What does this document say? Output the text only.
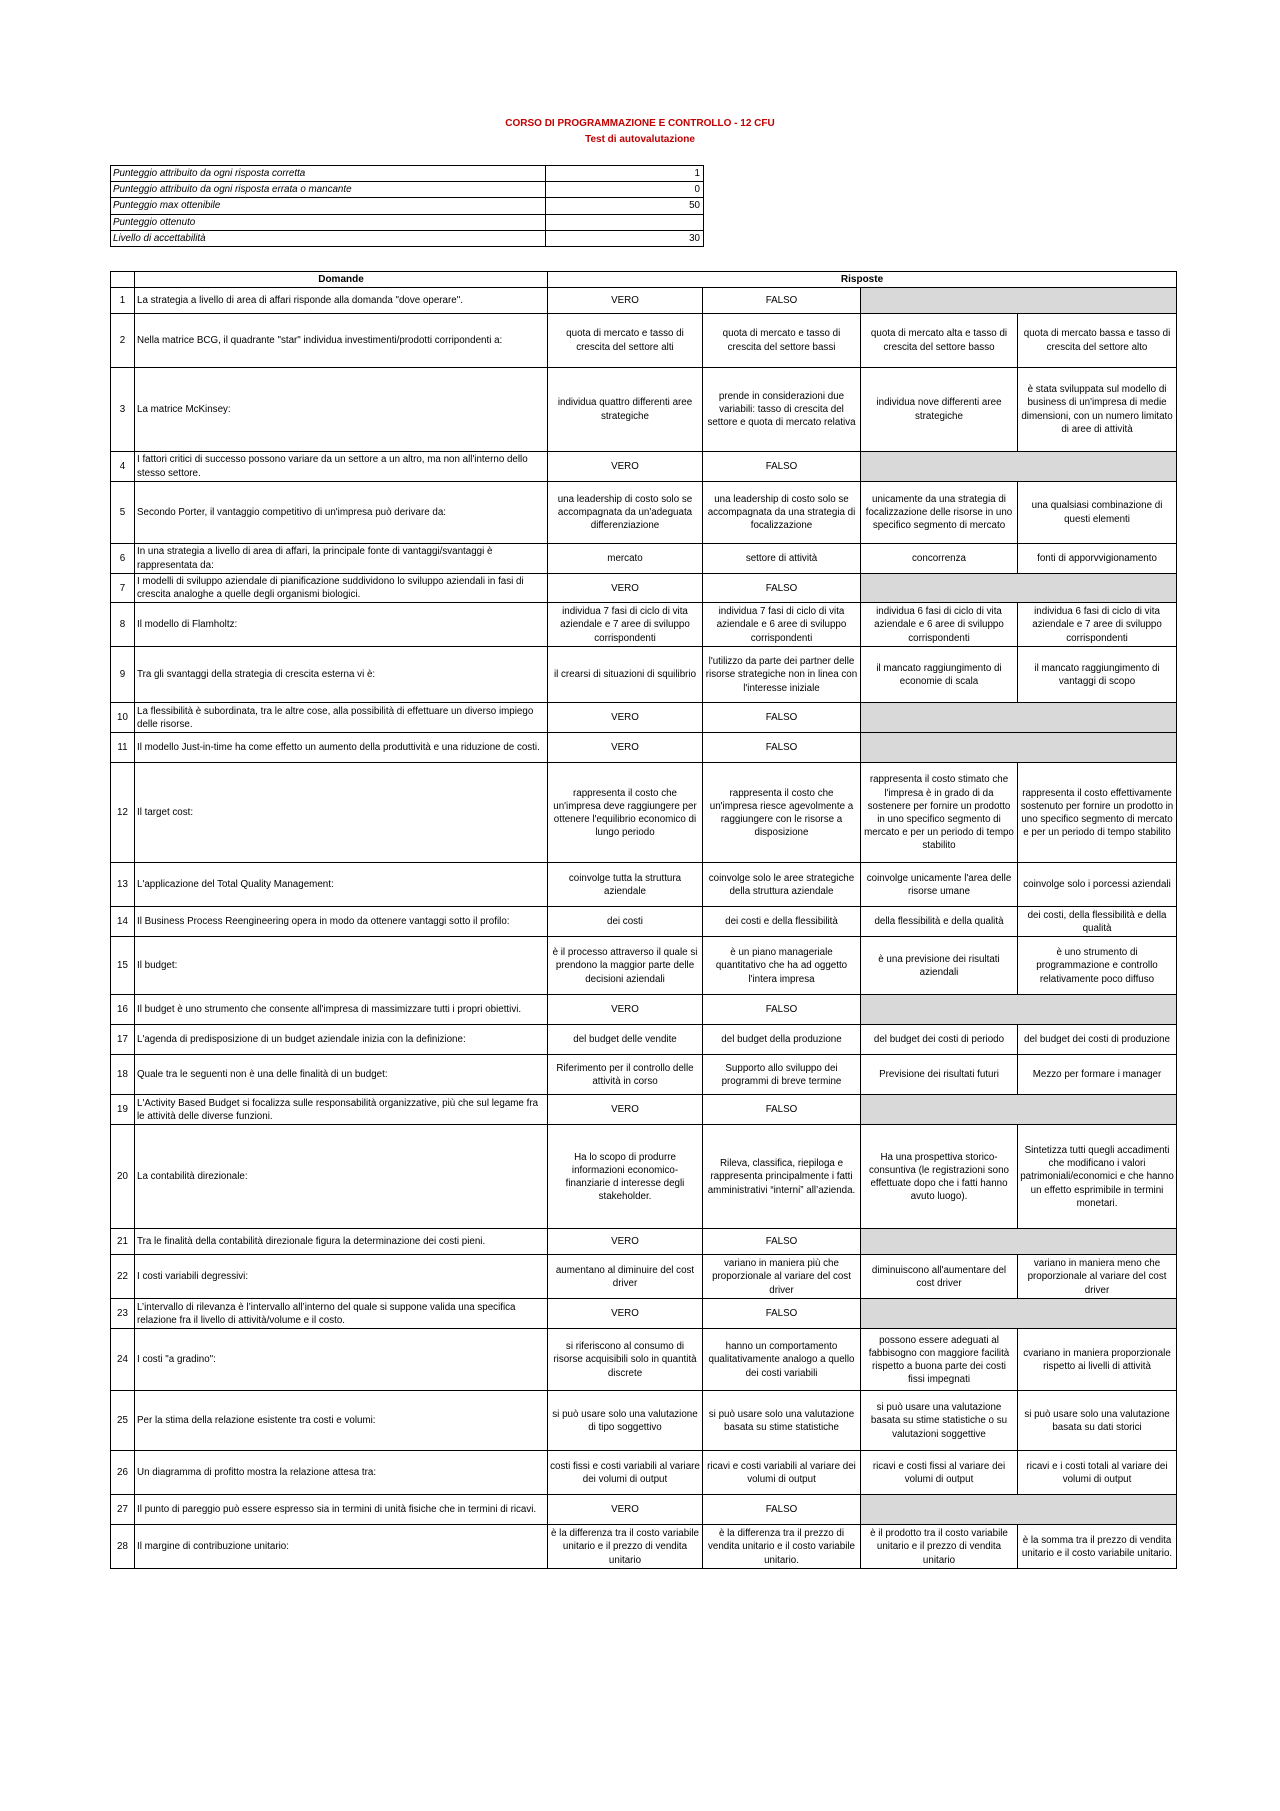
CORSO DI PROGRAMMAZIONE E CONTROLLO - 12 CFU
Test di autovalutazione
Punteggio attribuito da ogni risposta corretta	1
Punteggio attribuito da ogni risposta errata o mancante	0
Punteggio max ottenibile	50
Punteggio ottenuto	
Livello di accettabilità	30
	Domande	Risposte			
1	La strategia a livello di area di affari risponde alla domanda "dove operare".	VERO	FALSO		
2	Nella matrice BCG, il quadrante "star" individua investimenti/prodotti corripondenti a:	quota di mercato e tasso di crescita del settore alti	quota di mercato e tasso di crescita del settore bassi	quota di mercato alta e tasso di crescita del settore basso	quota di mercato bassa e tasso di crescita del settore alto
3	La matrice McKinsey:	individua quattro differenti aree strategiche	prende in considerazioni due variabili: tasso di crescita del settore e quota di mercato relativa	individua nove differenti aree strategiche	è stata sviluppata sul modello di business di un'impresa di medie dimensioni, con un numero limitato di aree di attività
4	I fattori critici di successo possono variare da un settore a un altro, ma non all'interno dello stesso settore.	VERO	FALSO		
5	Secondo Porter, il vantaggio competitivo di un'impresa può derivare da:	una leadership di costo solo se accompagnata da un'adeguata differenziazione	una leadership di costo solo se accompagnata da una strategia di focalizzazione	unicamente da una strategia di focalizzazione delle risorse in uno specifico segmento di mercato	una qualsiasi combinazione di questi elementi
6	In una strategia a livello di area di affari, la principale fonte di vantaggi/svantaggi è rappresentata da:	mercato	settore di attività	concorrenza	fonti di apporvvigionamento
7	I modelli di sviluppo aziendale di pianificazione suddividono lo sviluppo aziendali in fasi di crescita analoghe a quelle degli organismi biologici.	VERO	FALSO		
8	Il modello di Flamholtz:	individua 7 fasi di ciclo di vita aziendale e 7 aree di sviluppo corrispondenti	individua 7 fasi di ciclo di vita aziendale e 6 aree di sviluppo corrispondenti	individua 6 fasi di ciclo di vita aziendale e 6 aree di sviluppo corrispondenti	individua 6 fasi di ciclo di vita aziendale e 7 aree di sviluppo corrispondenti
9	Tra gli svantaggi della strategia di crescita esterna vi è:	il crearsi di situazioni di squilibrio	l'utilizzo da parte dei partner delle risorse strategiche non in linea con l'interesse iniziale	il mancato raggiungimento di economie di scala	il mancato raggiungimento di vantaggi di scopo
10	La flessibilità è subordinata, tra le altre cose, alla possibilità di effettuare un diverso impiego delle risorse.	VERO	FALSO		
11	Il modello Just-in-time ha come effetto un aumento della produttività e una riduzione de costi.	VERO	FALSO		
12	Il target cost:	rappresenta il costo che un'impresa deve raggiungere per ottenere l'equilibrio economico di lungo periodo	rappresenta il costo che un'impresa riesce agevolmente a raggiungere con le risorse a disposizione	rappresenta il costo stimato che l'impresa è in grado di da sostenere per fornire un prodotto in uno specifico segmento di mercato e per un periodo di tempo stabilito	rappresenta il costo effettivamente sostenuto per fornire un prodotto in uno specifico segmento di mercato e per un periodo di tempo stabilito
13	L'applicazione del Total Quality Management:	coinvolge tutta la struttura aziendale	coinvolge solo le aree strategiche della struttura aziendale	coinvolge unicamente l'area delle risorse umane	coinvolge solo i porcessi aziendali
14	Il Business Process Reengineering opera in modo da ottenere vantaggi sotto il profilo:	dei costi	dei costi e della flessibilità	della flessibilità e della qualità	dei costi, della flessibilità e della qualità
15	Il budget:	è il processo attraverso il quale si prendono la maggior parte delle decisioni aziendali	è un piano manageriale quantitativo che ha ad oggetto l'intera impresa	è una previsione dei risultati aziendali	è uno strumento di programmazione e controllo relativamente poco diffuso
16	Il budget è uno strumento che consente all'impresa di massimizzare tutti i propri obiettivi.	VERO	FALSO		
17	L'agenda di predisposizione di un budget aziendale inizia con la definizione:	del budget delle vendite	del budget della produzione	del budget dei costi di periodo	del budget dei costi di produzione
18	Quale tra le seguenti non è una delle finalità di un budget:	Riferimento per il controllo delle attività in corso	Supporto allo sviluppo dei programmi di breve termine	Previsione dei risultati futuri	Mezzo per formare i manager
19	L'Activity Based Budget si focalizza sulle responsabilità organizzative, più che sul legame fra le attività delle diverse funzioni.	VERO	FALSO		
20	La contabilità direzionale:	Ha lo scopo di produrre informazioni economico-finanziarie d interesse degli stakeholder.	Rileva, classifica, riepiloga e rappresenta principalmente i fatti amministrativi “interni” all’azienda.	Ha una prospettiva storico-consuntiva (le registrazioni sono effettuate dopo che i fatti hanno avuto luogo).	Sintetizza tutti quegli accadimenti che modificano i valori patrimoniali/economici e che hanno un effetto esprimibile in termini monetari.
21	Tra le finalità della contabilità direzionale figura la determinazione dei costi pieni.	VERO	FALSO		
22	I costi variabili degressivi:	aumentano al diminuire del cost driver	variano in maniera più che proporzionale al variare del cost driver	diminuiscono all'aumentare del cost driver	variano in maniera meno che proporzionale al variare del cost driver
23	L’intervallo di rilevanza è l’intervallo all’interno del quale si suppone valida una specifica relazione fra il livello di attività/volume e il costo.	VERO	FALSO		
24	I costi "a gradino":	si riferiscono al consumo di risorse acquisibili solo in quantità discrete	hanno un comportamento qualitativamente analogo a quello dei costi variabili	possono essere adeguati al fabbisogno con maggiore facilità rispetto a buona parte dei costi fissi impegnati	cvariano in maniera proporzionale rispetto ai livelli di attività
25	Per la stima della relazione esistente tra costi e volumi:	si può usare solo una valutazione di tipo soggettivo	si può usare solo una valutazione basata su stime statistiche	si può usare una valutazione basata su stime statistiche o su valutazioni soggettive	si può usare solo una valutazione basata su dati storici
26	Un diagramma di profitto mostra la relazione attesa tra:	costi fissi e costi variabili al variare dei volumi di output	ricavi e costi variabili al variare dei volumi di output	ricavi e costi fissi al variare dei volumi di output	ricavi e i costi totali al variare dei volumi di output
27	Il punto di pareggio può essere espresso sia in termini di unità fisiche che in termini di ricavi.	VERO	FALSO		
28	Il margine di contribuzione unitario:	è la differenza tra il costo variabile unitario e il prezzo di vendita unitario	è la differenza tra il prezzo di vendita unitario e il costo variabile unitario.	è il prodotto tra il costo variabile unitario e il prezzo di vendita unitario	è la somma tra il prezzo di vendita unitario e il costo variabile unitario.
